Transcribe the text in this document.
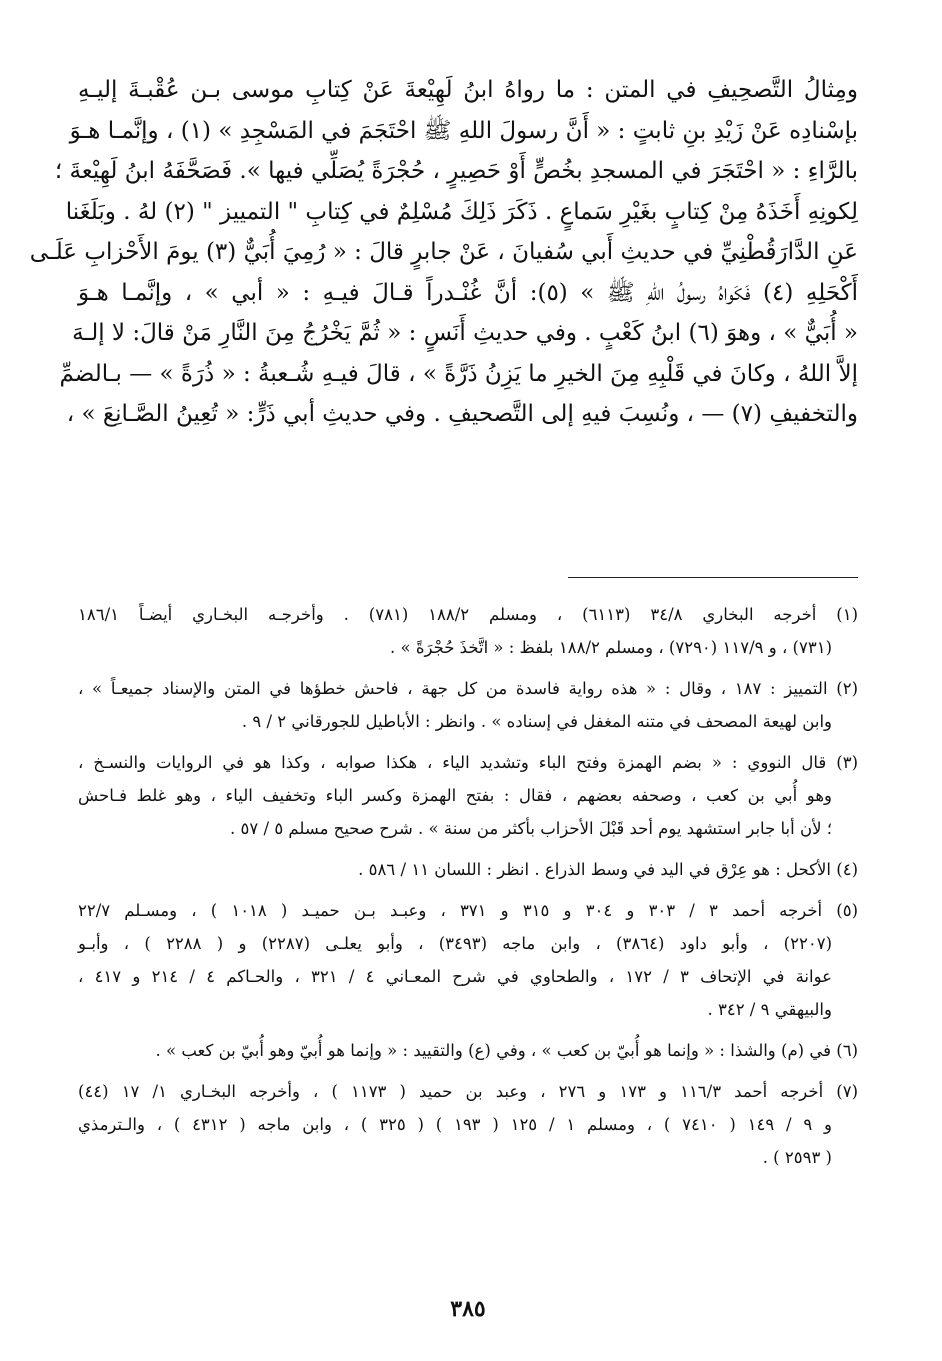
ومِثالُ التَّصحِيفِ في المتن : ما رواهُ ابنُ لَهِيْعةَ عَنْ كِتابِ موسى بـن عُقْبـةَ إليـهِ

بإسْنادِه عَنْ زَيْدِ بنِ ثابتٍ : « أَنَّ رسولَ اللهِ ﷺ احْتَجَمَ في المَسْجِدِ » (١) ، وإنَّمـا هـوَ

بالرَّاءِ : « احْتَجَرَ في المسجدِ بخُصٍّ أَوْ حَصِيرٍ ، حُجْرَةً يُصَلِّي فيها ». فَصَحَّفَهُ ابنُ لَهِيْعةَ ؛

لِكونِهِ أَخَذَهُ مِنْ كِتابٍ بغَيْرِ سَماعٍ . ذَكَرَ ذَلِكَ مُسْلِمٌ في كِتابِ " التمييز " (٢) لهُ . وبَلَغَنا

عَنِ الدَّارَقُطْنِيِّ في حديثِ أَبي سُفيانَ ، عَنْ جابرٍ قالَ : « رُمِيَ أُبَيٌّ (٣) يومَ الأَحْزابِ عَلَـى

أَكْحَلِهِ (٤) فَكَواهُ رسولُ اللهِ ﷺ » (٥): أنَّ غُنْـدراً قـالَ فيـهِ : « أبي » ، وإنَّمـا هـوَ

« أُبَيٌّ » ، وهوَ (٦) ابنُ كَعْبٍ . وفي حديثِ أَنَسٍ : « ثُمَّ يَخْرُجُ مِنَ النَّارِ مَنْ قالَ: لا إلـهَ

إلاَّ اللهُ ، وكانَ في قَلْبِهِ مِنَ الخيرِ ما يَزِنُ ذَرَّةً » ، قالَ فيـهِ شُـعبةُ : « ذُرَةً » — بـالضمِّ

والتخفيفِ (٧) — ، ونُسِبَ فيهِ إلى التَّصحيفِ . وفي حديثِ أبي ذَرٍّ: « تُعِينُ الصَّـانِعَ » ،

(١) أخرجه البخاري ٣٤/٨ (٦١١٣) ، ومسلم ١٨٨/٢ (٧٨١) . وأخرجـه البخـاري أيضـاً ١٨٦/١
(٧٣١) ، و ١١٧/٩ (٧٢٩٠) ، ومسلم ١٨٨/٢ بلفظ : « اتَّخذَ حُجْرَةً » .
(٢) التمييز : ١٨٧ ، وقال : « هذه رواية فاسدة من كل جهة ، فاحش خطؤها في المتن والإسناد جميعـاً » ،
وابن لهيعة المصحف في متنه المغفل في إسناده » . وانظر : الأباطيل للجورقاني ٢ / ٩ .
(٣) قال النووي : « بضم الهمزة وفتح الباء وتشديد الياء ، هكذا صوابه ، وكذا هو في الروايات والنسـخ ،
وهو أُبي بن كعب ، وصحفه بعضهم ، فقال : بفتح الهمزة وكسر الباء وتخفيف الياء ، وهو غلط فـاحش
؛ لأن أبا جابر استشهد يوم أحد قَبْلَ الأحزاب بأكثر من سنة » . شرح صحيح مسلم ٥ / ٥٧ .
(٤) الأكحل : هو عِرْق في اليد في وسط الذراع . انظر : اللسان ١١ / ٥٨٦ .
(٥) أخرجه أحمد ٣ / ٣٠٣ و ٣٠٤ و ٣١٥ و ٣٧١ ، وعبـد بـن حميـد ( ١٠١٨ ) ، ومسـلم ٢٢/٧
(٢٢٠٧) ، وأبو داود (٣٨٦٤) ، وابن ماجه (٣٤٩٣) ، وأبو يعلـى (٢٢٨٧) و ( ٢٢٨٨ ) ، وأبـو
عوانة في الإتحاف ٣ / ١٧٢ ، والطحاوي في شرح المعـاني ٤ / ٣٢١ ، والحـاكم ٤ / ٢١٤ و ٤١٧ ،
والبيهقي ٩ / ٣٤٢ .
(٦) في (م) والشذا : « وإنما هو أُبيّ بن كعب » ، وفي (ع) والتقييد : « وإنما هو أُبيّ وهو أُبيّ بن كعب » .
(٧) أخرجه أحمد ١١٦/٣ و ١٧٣ و ٢٧٦ ، وعبد بن حميد ( ١١٧٣ ) ، وأخرجه البخـاري ١/ ١٧ (٤٤)
و ٩ / ١٤٩ ( ٧٤١٠ ) ، ومسلم ١ / ١٢٥ ( ١٩٣ ) ( ٣٢٥ ) ، وابن ماجه ( ٤٣١٢ ) ، والـترمذي
( ٢٥٩٣ ) .
٣٨٥
